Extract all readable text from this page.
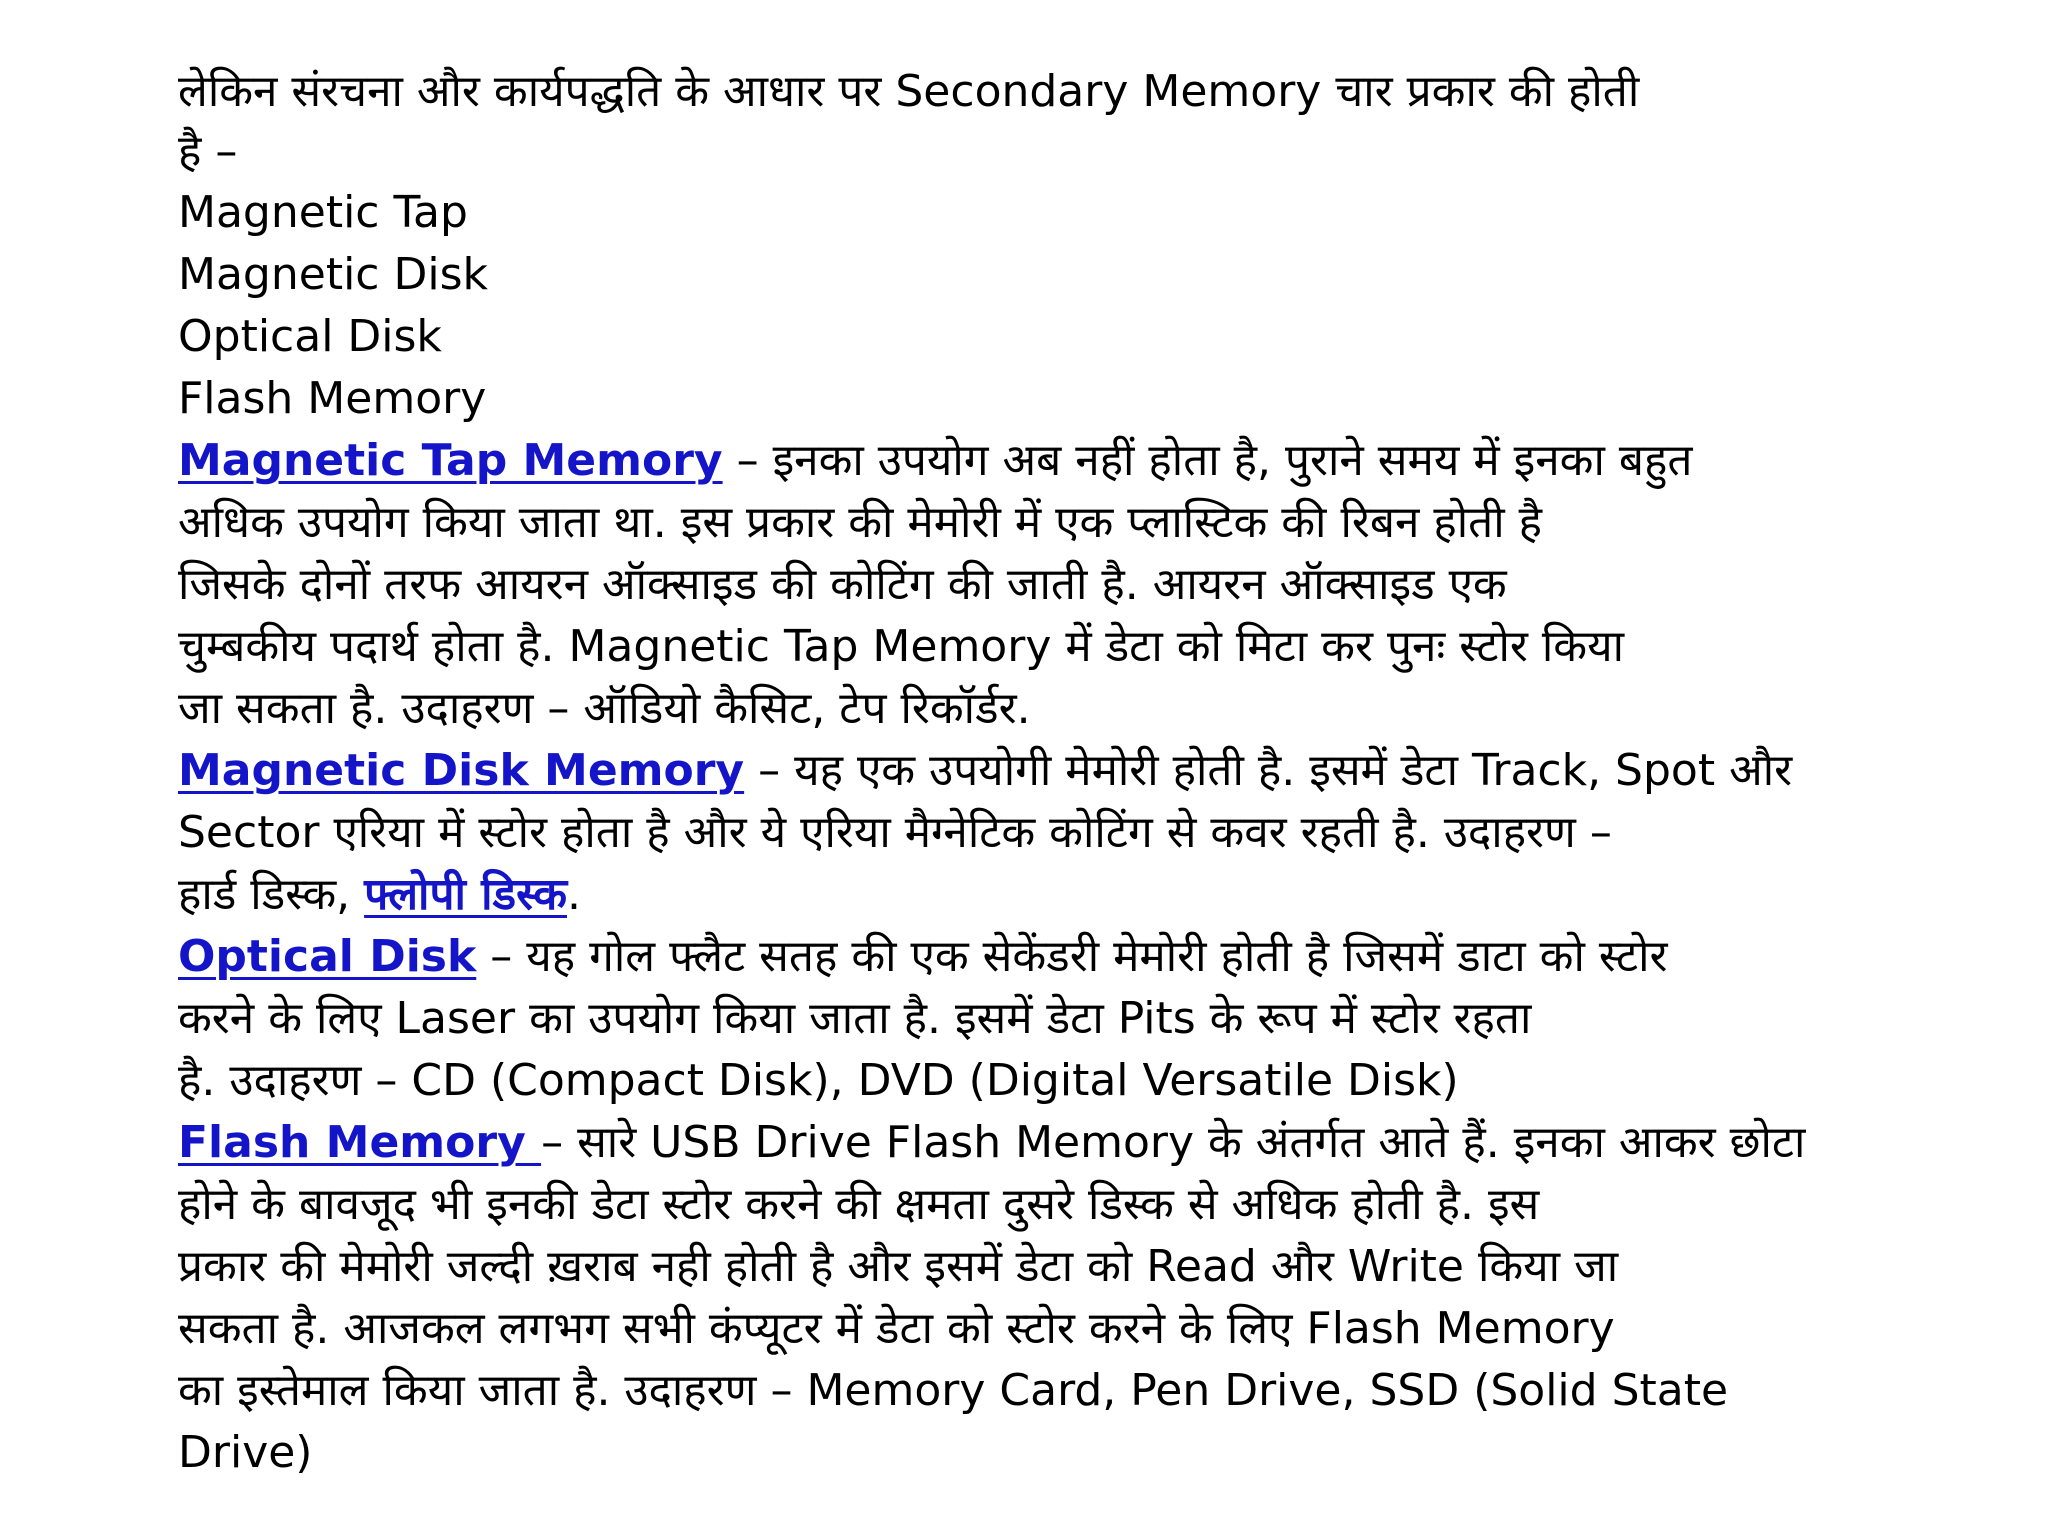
लेकिन संरचना और कार्यपद्धति के आधार पर Secondary Memory चार प्रकार की होती
है –
Magnetic Tap
Magnetic Disk
Optical Disk
Flash Memory
Magnetic Tap Memory – इनका उपयोग अब नहीं होता है, पुराने समय में इनका बहुत
अधिक उपयोग किया जाता था. इस प्रकार की मेमोरी में एक प्लास्टिक की रिबन होती है
जिसके दोनों तरफ आयरन ऑक्साइड की कोटिंग की जाती है. आयरन ऑक्साइड एक
चुम्बकीय पदार्थ होता है. Magnetic Tap Memory में डेटा को मिटा कर पुनः स्टोर किया
जा सकता है. उदाहरण – ऑडियो कैसिट, टेप रिकॉर्डर.
Magnetic Disk Memory – यह एक उपयोगी मेमोरी होती है. इसमें डेटा Track, Spot और
Sector एरिया में स्टोर होता है और ये एरिया मैग्नेटिक कोटिंग से कवर रहती है. उदाहरण –
हार्ड डिस्क, फ्लोपी डिस्क.
Optical Disk – यह गोल फ्लैट सतह की एक सेकेंडरी मेमोरी होती है जिसमें डाटा को स्टोर
करने के लिए Laser का उपयोग किया जाता है. इसमें डेटा Pits के रूप में स्टोर रहता
है. उदाहरण – CD (Compact Disk), DVD (Digital Versatile Disk)
Flash Memory – सारे USB Drive Flash Memory के अंतर्गत आते हैं. इनका आकर छोटा
होने के बावजूद भी इनकी डेटा स्टोर करने की क्षमता दुसरे डिस्क से अधिक होती है. इस
प्रकार की मेमोरी जल्दी ख़राब नही होती है और इसमें डेटा को Read और Write किया जा
सकता है. आजकल लगभग सभी कंप्यूटर में डेटा को स्टोर करने के लिए Flash Memory
का इस्तेमाल किया जाता है. उदाहरण – Memory Card, Pen Drive, SSD (Solid State
Drive)
